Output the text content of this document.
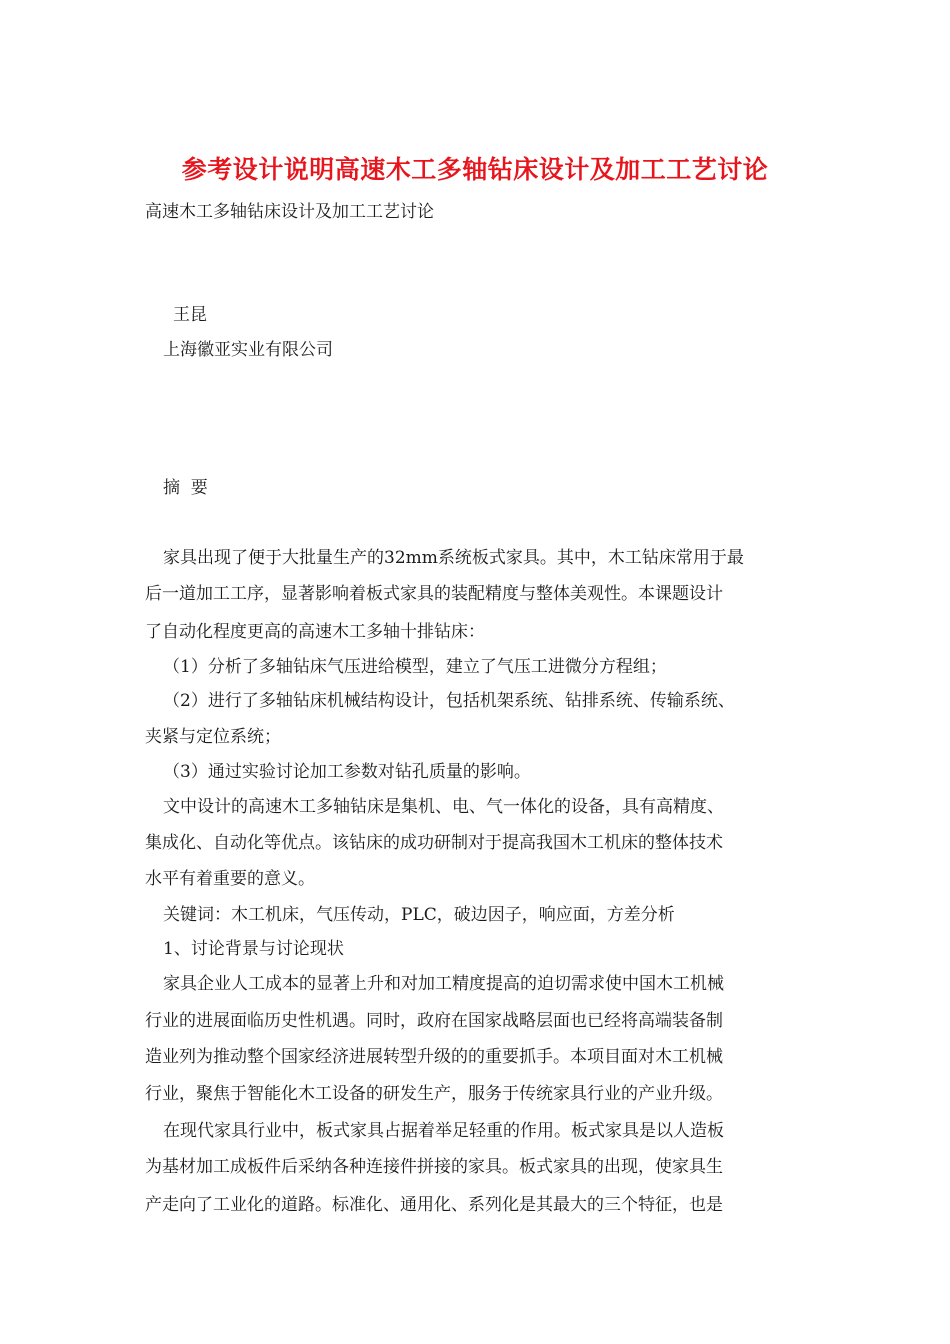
参考设计说明高速木工多轴钻床设计及加工工艺讨论

高速木工多轴钻床设计及加工工艺讨论

王昆

上海徽亚实业有限公司

摘  要

家具出现了便于大批量生产的32mm系统板式家具。其中，木工钻床常用于最

后一道加工工序，显著影响着板式家具的装配精度与整体美观性。本课题设计

了自动化程度更高的高速木工多轴十排钻床：

（1）分析了多轴钻床气压进给模型，建立了气压工进微分方程组；

（2）进行了多轴钻床机械结构设计，包括机架系统、钻排系统、传输系统、

夹紧与定位系统；

（3）通过实验讨论加工参数对钻孔质量的影响。

文中设计的高速木工多轴钻床是集机、电、气一体化的设备，具有高精度、

集成化、自动化等优点。该钻床的成功研制对于提高我国木工机床的整体技术

水平有着重要的意义。

关键词：木工机床，气压传动，PLC，破边因子，响应面，方差分析

1、讨论背景与讨论现状

家具企业人工成本的显著上升和对加工精度提高的迫切需求使中国木工机械

行业的进展面临历史性机遇。同时，政府在国家战略层面也已经将高端装备制

造业列为推动整个国家经济进展转型升级的的重要抓手。本项目面对木工机械

行业，聚焦于智能化木工设备的研发生产，服务于传统家具行业的产业升级。

在现代家具行业中，板式家具占据着举足轻重的作用。板式家具是以人造板

为基材加工成板件后采纳各种连接件拼接的家具。板式家具的出现，使家具生

产走向了工业化的道路。标准化、通用化、系列化是其最大的三个特征，也是
